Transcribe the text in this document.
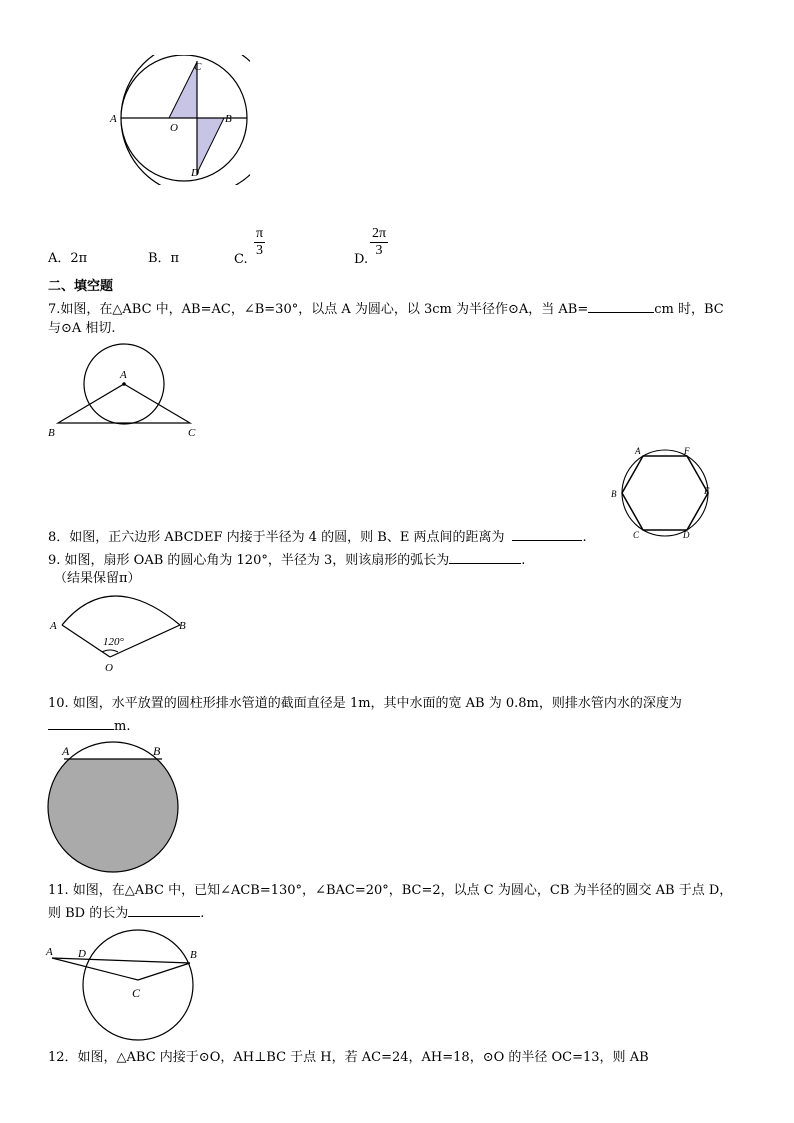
A
O
C
B
D
A．2π	B．π	C.
$\frac{\pi}{3}$
D.
$\frac{2\pi}{3}$
二、填空题
7.如图，在△ABC 中，AB=AC，∠B=30°，以点 A 为圆心，以 3cm 为半径作⊙A，当 AB=	cm 时，BC
与⊙A 相切.
A
B	C
A	F
B	E
C	D
8．如图，正六边形 ABCDEF 内接于半径为 4 的圆，则 B、E 两点间的距离为	.
9. 如图，扇形 OAB 的圆心角为 120°，半径为 3，则该扇形的弧长为	.
（结果保留π）
A	B
O
120°
10. 如图，水平放置的圆柱形排水管道的截面直径是 1m，其中水面的宽 AB 为 0.8m，则排水管内水的深度为
m.
A	B
11. 如图，在△ABC 中，已知∠ACB=130°，∠BAC=20°，BC=2，以点 C 为圆心，CB 为半径的圆交 AB 于点 D，
则 BD 的长为	.
A D	B
C
12．如图，△ABC 内接于⊙O，AH⊥BC 于点 H，若 AC=24，AH=18，⊙O 的半径 OC=13，则 AB
